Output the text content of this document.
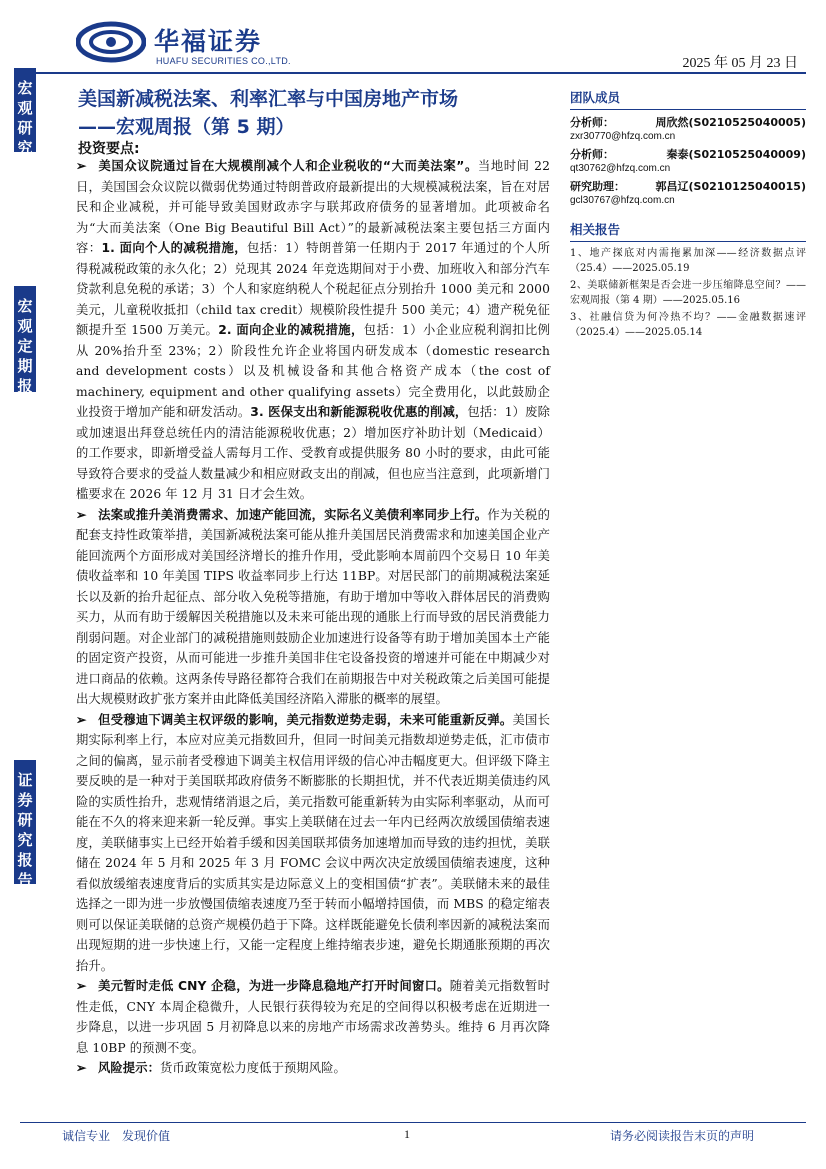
华福证券
HUAFU SECURITIES CO.,LTD.	2025 年 05 月 23 日
宏观研究
宏观定期报告
证券研究报告
美国新减税法案、利率汇率与中国房地产市场
——宏观周报（第 5 期）
投资要点:

➢ 美国众议院通过旨在大规模削减个人和企业税收的“大而美法案”。当地时间 22 日，美国国会众议院以微弱优势通过特朗普政府最新提出的大规模减税法案，旨在对居民和企业减税，并可能导致美国财政赤字与联邦政府债务的显著增加。此项被命名为“大而美法案（One Big Beautiful Bill Act）”的最新减税法案主要包括三方面内容：1. 面向个人的减税措施，包括：1）特朗普第一任期内于 2017 年通过的个人所得税减税政策的永久化；2）兑现其 2024 年竞选期间对于小费、加班收入和部分汽车贷款利息免税的承诺；3）个人和家庭纳税人个税起征点分别抬升 1000 美元和 2000 美元，儿童税收抵扣（child tax credit）规模阶段性提升 500 美元；4）遗产税免征额提升至 1500 万美元。2. 面向企业的减税措施，包括：1）小企业应税利润扣比例从 20%抬升至 23%；2）阶段性允许企业将国内研发成本（domestic research and development costs）以及机械设备和其他合格资产成本（the cost of machinery, equipment and other qualifying assets）完全费用化，以此鼓励企业投资于增加产能和研发活动。3. 医保支出和新能源税收优惠的削减，包括：1）废除或加速退出拜登总统任内的清洁能源税收优惠；2）增加医疗补助计划（Medicaid）的工作要求，即新增受益人需每月工作、受教育或提供服务 80 小时的要求，由此可能导致符合要求的受益人数量减少和相应财政支出的削减，但也应当注意到，此项新增门槛要求在 2026 年 12 月 31 日才会生效。

➢ 法案或推升美消费需求、加速产能回流，实际名义美债利率同步上行。作为关税的配套支持性政策举措，美国新减税法案可能从推升美国居民消费需求和加速美国企业产能回流两个方面形成对美国经济增长的推升作用，受此影响本周前四个交易日 10 年美债收益率和 10 年美国 TIPS 收益率同步上行达 11BP。对居民部门的前期减税法案延长以及新的抬升起征点、部分收入免税等措施，有助于增加中等收入群体居民的消费购买力，从而有助于缓解因关税措施以及未来可能出现的通胀上行而导致的居民消费能力削弱问题。对企业部门的减税措施则鼓励企业加速进行设备等有助于增加美国本土产能的固定资产投资，从而可能进一步推升美国非住宅设备投资的增速并可能在中期减少对进口商品的依赖。这两条传导路径都符合我们在前期报告中对关税政策之后美国可能提出大规模财政扩张方案并由此降低美国经济陷入滞胀的概率的展望。

➢ 但受穆迪下调美主权评级的影响，美元指数逆势走弱，未来可能重新反弹。美国长期实际利率上行，本应对应美元指数回升，但同一时间美元指数却逆势走低，汇市债市之间的偏离，显示前者受穆迪下调美主权信用评级的信心冲击幅度更大。但评级下降主要反映的是一种对于美国联邦政府债务不断膨胀的长期担忧，并不代表近期美债违约风险的实质性抬升，悲观情绪消退之后，美元指数可能重新转为由实际利率驱动，从而可能在不久的将来迎来新一轮反弹。事实上美联储在过去一年内已经两次放缓国债缩表速度，美联储事实上已经开始着手缓和因美国联邦债务加速增加而导致的违约担忧，美联储在 2024 年 5 月和 2025 年 3 月 FOMC 会议中两次决定放缓国债缩表速度，这种看似放缓缩表速度背后的实质其实是边际意义上的变相国债“扩表”。美联储未来的最佳选择之一即为进一步放慢国债缩表速度乃至于转而小幅增持国债，而 MBS 的稳定缩表则可以保证美联储的总资产规模仍趋于下降。这样既能避免长债利率因新的减税法案而出现短期的进一步快速上行，又能一定程度上维持缩表步速，避免长期通胀预期的再次抬升。

➢ 美元暂时走低 CNY 企稳，为进一步降息稳地产打开时间窗口。随着美元指数暂时性走低，CNY 本周企稳微升，人民银行获得较为充足的空间得以积极考虑在近期进一步降息，以进一步巩固 5 月初降息以来的房地产市场需求改善势头。维持 6 月再次降息 10BP 的预测不变。

➢ 风险提示：货币政策宽松力度低于预期风险。

团队成员
分析师：	周欣然(S0210525040005)
zxr30770@hfzq.com.cn
分析师：	秦泰(S0210525040009)
qt30762@hfzq.com.cn
研究助理：	郭昌辽(S0210125040015)
gcl30767@hfzq.com.cn
相关报告
1、地产探底对内需拖累加深——经济数据点评（25.4）——2025.05.19
2、美联储新框架是否会进一步压缩降息空间？——宏观周报（第 4 期）——2025.05.16
3、社融信贷为何冷热不均？——金融数据速评（2025.4）——2025.05.14
诚信专业　发现价值	1	请务必阅读报告末页的声明
